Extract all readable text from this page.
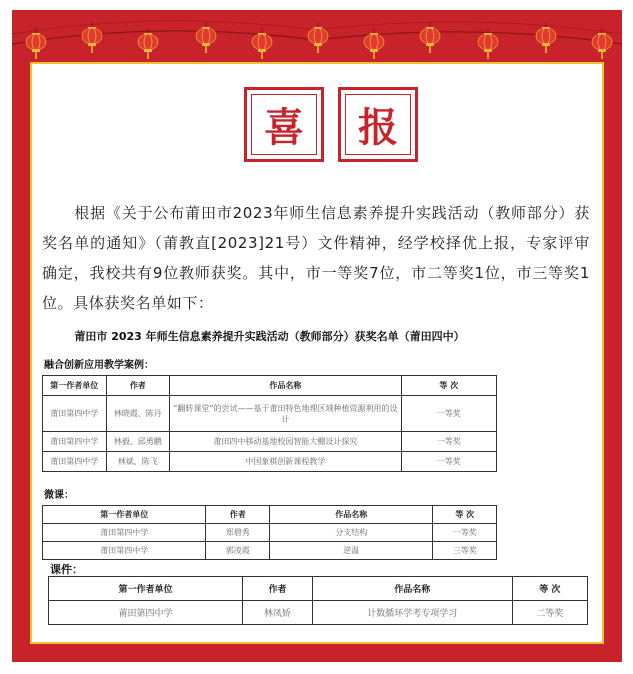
喜	报
根据《关于公布莆田市2023年师生信息素养提升实践活动（教师部分）获奖名单的通知》（莆教直[2023]21号）文件精神，经学校择优上报，专家评审确定，我校共有9位教师获奖。其中，市一等奖7位，市二等奖1位，市三等奖1位。具体获奖名单如下：
莆田市 2023 年师生信息素养提升实践活动（教师部分）获奖名单（莆田四中）
融合创新应用教学案例：
第一作者单位	作者	作品名称	等 次
莆田第四中学	林晓霞、陈丹	“翻转课堂”的尝试——基于莆田特色地理区域种植资源利用的设计	一等奖
莆田第四中学	林毅、邱勇鹏	莆田四中移动基地校园智能大棚设计探究	一等奖
莆田第四中学	林斌、陈飞	中国象棋创新课程教学	一等奖
微课：
第一作者单位	作者	作品名称	等 次
莆田第四中学	郑碧秀	分支结构	一等奖
莆田第四中学	郭凌霞	逆温	三等奖
课件：
第一作者单位	作者	作品名称	等 次
莆田第四中学	林凤娇	计数循环学考专项学习	二等奖
